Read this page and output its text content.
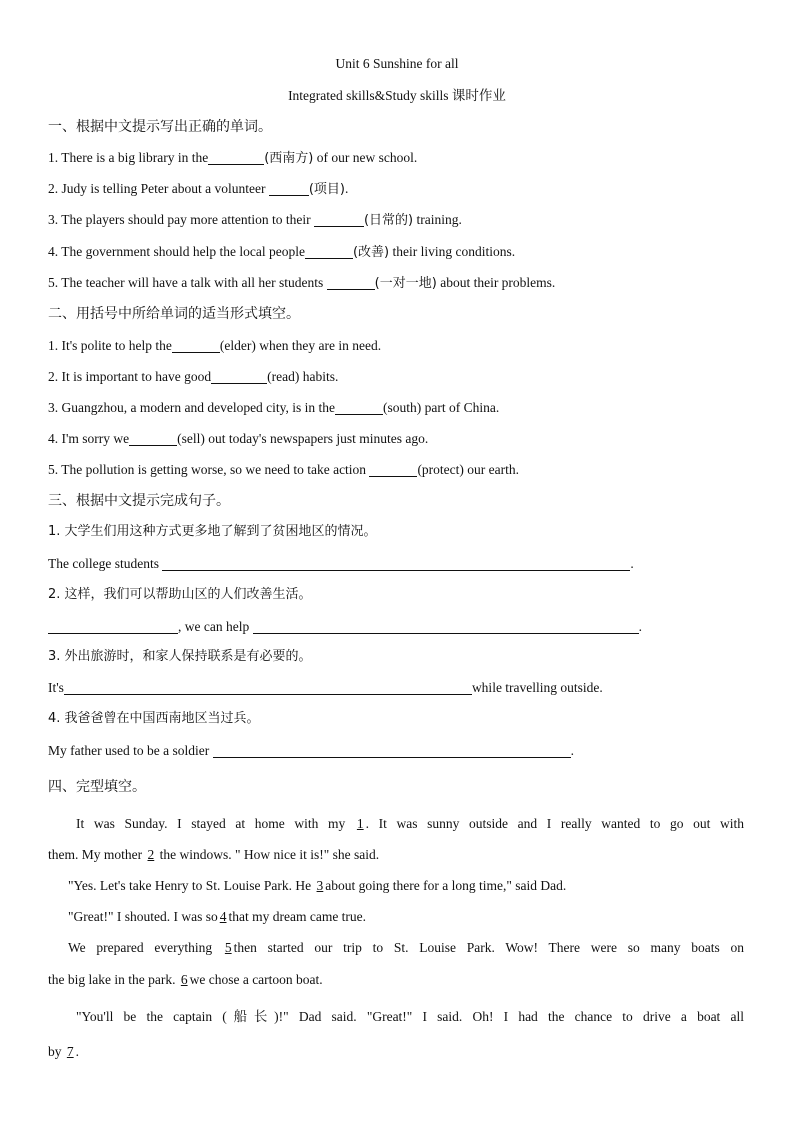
Unit 6 Sunshine for all
Integrated skills&Study skills 课时作业
一、根据中文提示写出正确的单词。
1. There is a big library in the	(西南方) of our new school.
2. Judy is telling Peter about a volunteer	(项目).
3. The players should pay more attention to their	(日常的) training.
4. The government should help the local people	(改善) their living conditions.
5. The teacher will have a talk with all her students	(一对一地) about their problems.
二、用括号中所给单词的适当形式填空。
1. It's polite to help the	(elder) when they are in need.
2. It is important to have good	(read) habits.
3. Guangzhou, a modern and developed city, is in the	(south) part of China.
4. I'm sorry we	(sell) out today's newspapers just minutes ago.
5. The pollution is getting worse, so we need to take action	(protect) our earth.
三、根据中文提示完成句子。
1. 大学生们用这种方式更多地了解到了贫困地区的情况。
The college students	.
2. 这样，我们可以帮助山区的人们改善生活。
, we can help	.
3. 外出旅游时，和家人保持联系是有必要的。
It's	while travelling outside.
4. 我爸爸曾在中国西南地区当过兵。
My father used to be a soldier	.
四、完型填空。
It was Sunday. I stayed at home with my 1 . It was sunny outside and I really wanted to go out with
them. My mother 2 the windows. " How nice it is!" she said.
"Yes. Let's take Henry to St. Louise Park. He 3 about going there for a long time," said Dad.
"Great!" I shouted. I was so 4 that my dream came true.
We prepared everything 5 then started our trip to St. Louise Park. Wow! There were so many boats on
the big lake in the park. 6 we chose a cartoon boat.
"You'll be the captain (船长)!" Dad said. "Great!" I said. Oh! I had the chance to drive a boat all
by 7 .
